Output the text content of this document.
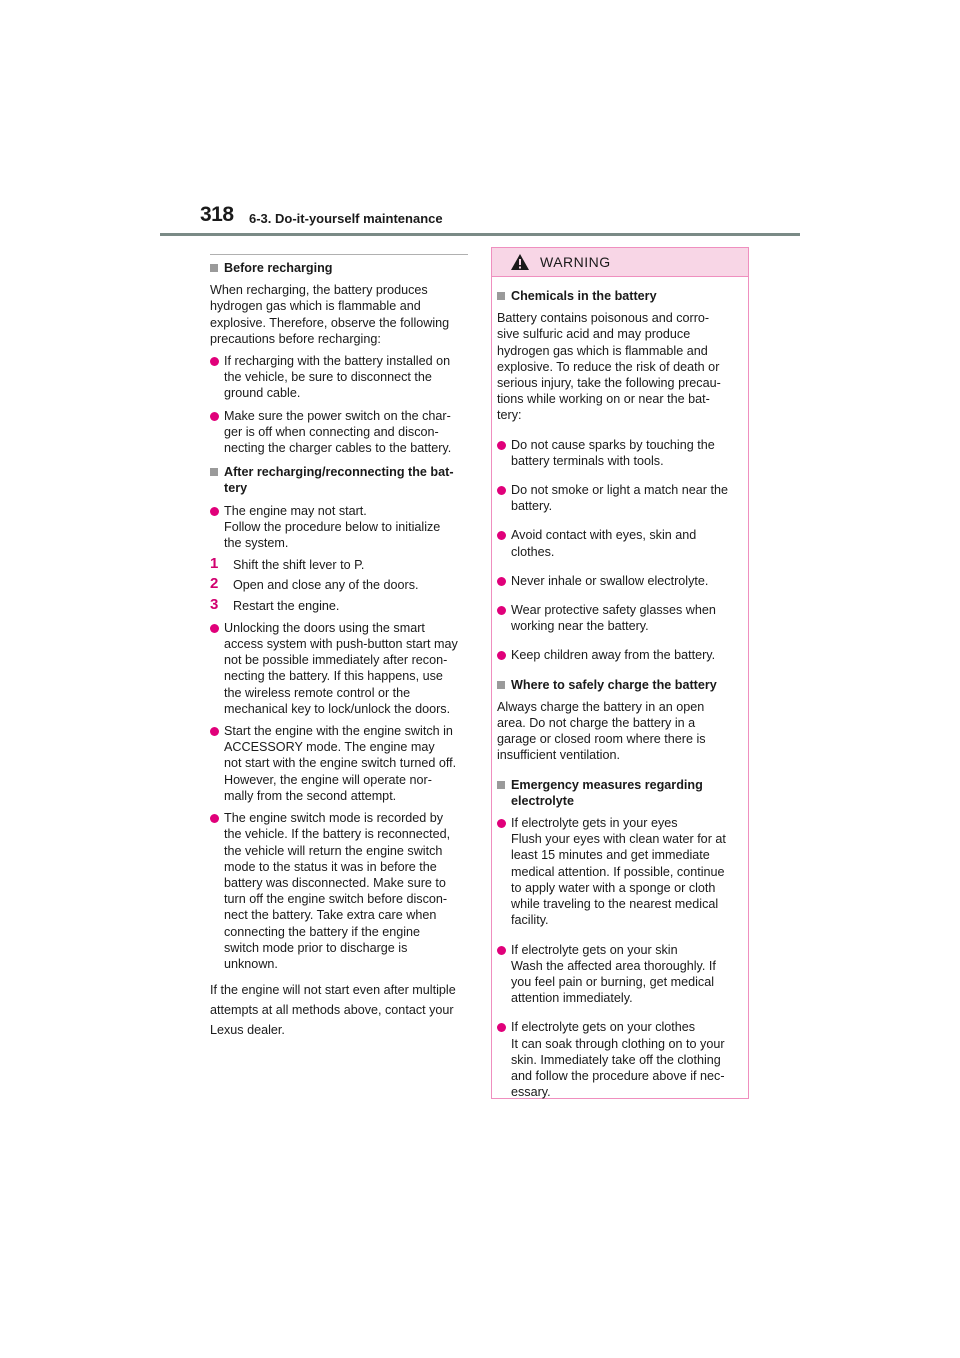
318 6-3. Do-it-yourself maintenance
Before recharging
When recharging, the battery produces
hydrogen gas which is flammable and
explosive. Therefore, observe the following
precautions before recharging:
If recharging with the battery installed on
the vehicle, be sure to disconnect the
ground cable.
Make sure the power switch on the char-
ger is off when connecting and discon-
necting the charger cables to the battery.
After recharging/reconnecting the bat-
tery
The engine may not start.
Follow the procedure below to initialize
the system.
1 Shift the shift lever to P.
2 Open and close any of the doors.
3 Restart the engine.
Unlocking the doors using the smart
access system with push-button start may
not be possible immediately after recon-
necting the battery. If this happens, use
the wireless remote control or the
mechanical key to lock/unlock the doors.
Start the engine with the engine switch in
ACCESSORY mode. The engine may
not start with the engine switch turned off.
However, the engine will operate nor-
mally from the second attempt.
The engine switch mode is recorded by
the vehicle. If the battery is reconnected,
the vehicle will return the engine switch
mode to the status it was in before the
battery was disconnected. Make sure to
turn off the engine switch before discon-
nect the battery. Take extra care when
connecting the battery if the engine
switch mode prior to discharge is
unknown.
If the engine will not start even after multiple
attempts at all methods above, contact your
Lexus dealer.
WARNING
Chemicals in the battery
Battery contains poisonous and corro-
sive sulfuric acid and may produce
hydrogen gas which is flammable and
explosive. To reduce the risk of death or
serious injury, take the following precau-
tions while working on or near the bat-
tery:
Do not cause sparks by touching the
battery terminals with tools.
Do not smoke or light a match near the
battery.
Avoid contact with eyes, skin and
clothes.
Never inhale or swallow electrolyte.
Wear protective safety glasses when
working near the battery.
Keep children away from the battery.
Where to safely charge the battery
Always charge the battery in an open
area. Do not charge the battery in a
garage or closed room where there is
insufficient ventilation.
Emergency measures regarding
electrolyte
If electrolyte gets in your eyes
Flush your eyes with clean water for at
least 15 minutes and get immediate
medical attention. If possible, continue
to apply water with a sponge or cloth
while traveling to the nearest medical
facility.
If electrolyte gets on your skin
Wash the affected area thoroughly. If
you feel pain or burning, get medical
attention immediately.
If electrolyte gets on your clothes
It can soak through clothing on to your
skin. Immediately take off the clothing
and follow the procedure above if nec-
essary.
